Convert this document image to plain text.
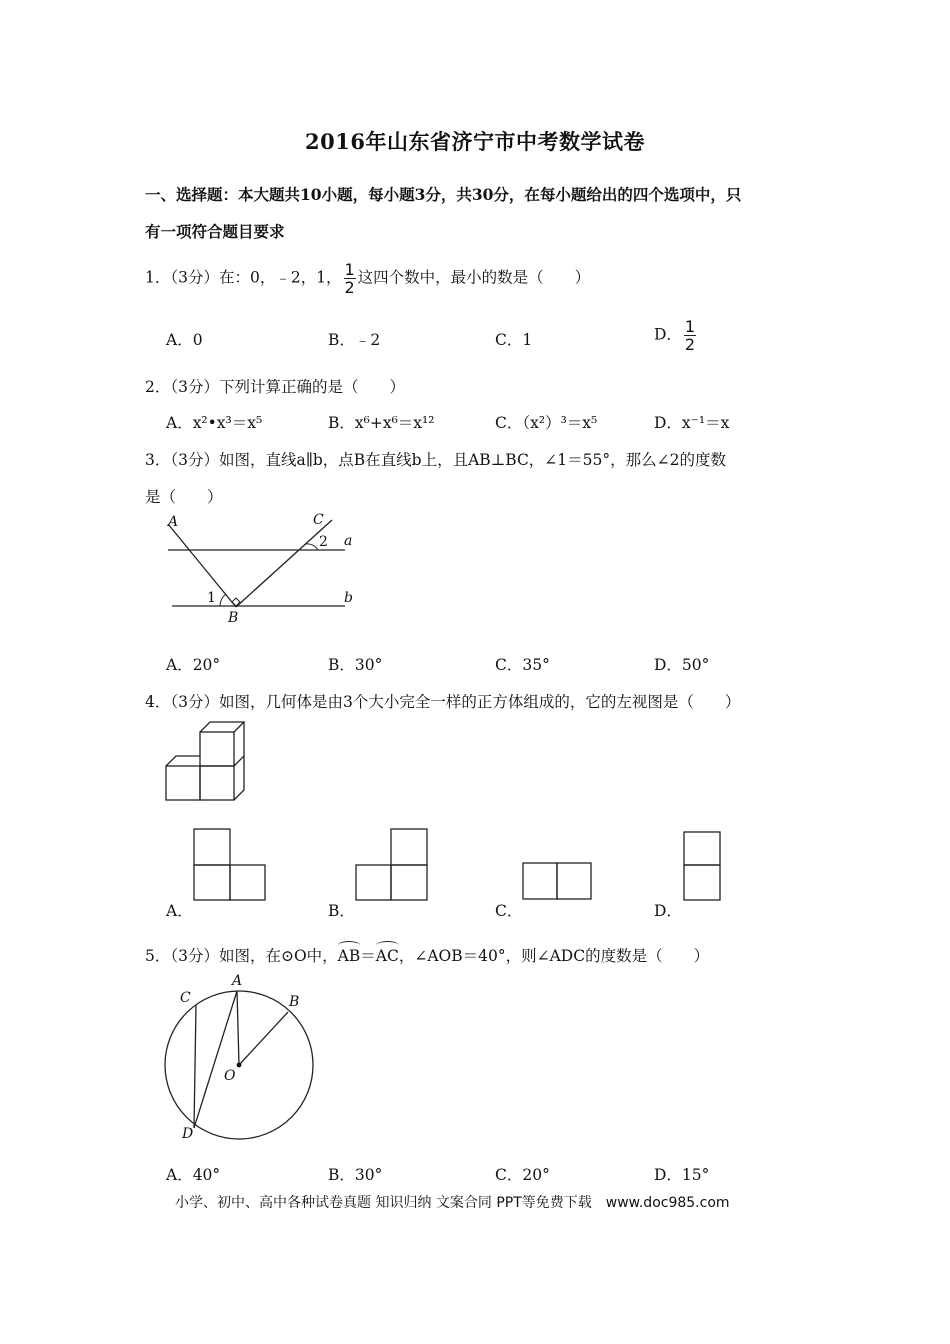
2016年山东省济宁市中考数学试卷
一、选择题：本大题共10小题，每小题3分，共30分，在每小题给出的四个选项中，只
有一项符合题目要求
1．（3分）在：0，﹣2，1， $\frac{1}{2}$ 这四个数中，最小的数是（　　）
A．0	B．﹣2	C．1	D． $\frac{1}{2}$
2．（3分）下列计算正确的是（　　）
A．x²•x³＝x⁵	B．x⁶+x⁶＝x¹²	C．（x²）³＝x⁵	D．x⁻¹＝x
3．（3分）如图，直线a∥b，点B在直线b上，且AB⊥BC，∠1＝55°，那么∠2的度数
是（　　）
A
B
C
a
b
1
2
A．20°	B．30°	C．35°	D．50°
4．（3分）如图，几何体是由3个大小完全一样的正方体组成的，它的左视图是（　　）
A．	B．	C．	D．
5．（3分）如图，在⊙O中，AB＝AC，∠AOB＝40°，则∠ADC的度数是（　　）
A
B
C
D
O
A．40°	B．30°	C．20°	D．15°
小学、初中、高中各种试卷真题 知识归纳 文案合同 PPT等免费下载　www.doc985.com
